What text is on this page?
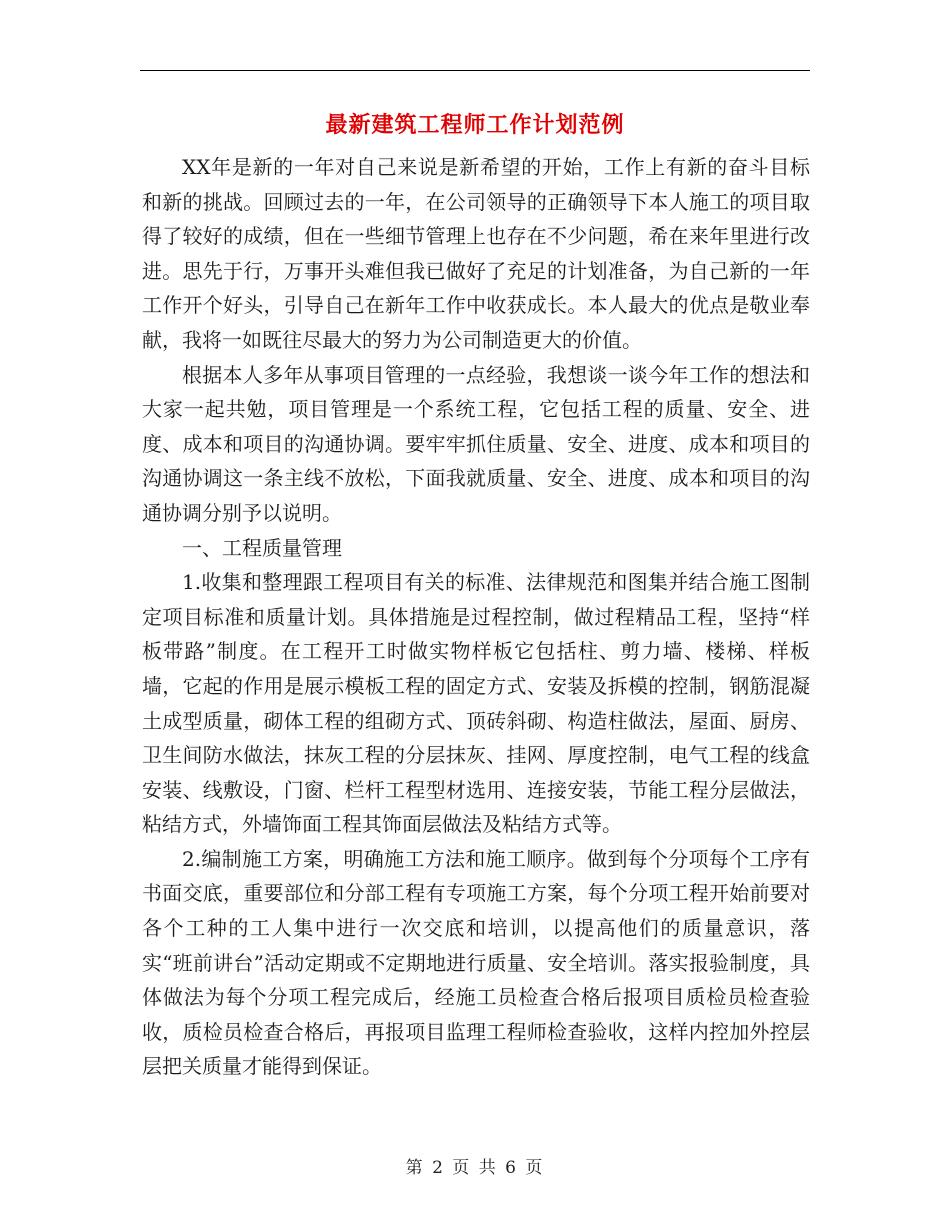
最新建筑工程师工作计划范例

XX年是新的一年对自己来说是新希望的开始，工作上有新的奋斗目标和新的挑战。回顾过去的一年，在公司领导的正确领导下本人施工的项目取得了较好的成绩，但在一些细节管理上也存在不少问题，希在来年里进行改进。思先于行，万事开头难但我已做好了充足的计划准备，为自己新的一年工作开个好头，引导自己在新年工作中收获成长。本人最大的优点是敬业奉献，我将一如既往尽最大的努力为公司制造更大的价值。

根据本人多年从事项目管理的一点经验，我想谈一谈今年工作的想法和大家一起共勉，项目管理是一个系统工程，它包括工程的质量、安全、进度、成本和项目的沟通协调。要牢牢抓住质量、安全、进度、成本和项目的沟通协调这一条主线不放松，下面我就质量、安全、进度、成本和项目的沟通协调分别予以说明。

一、工程质量管理

1.收集和整理跟工程项目有关的标准、法律规范和图集并结合施工图制定项目标准和质量计划。具体措施是过程控制，做过程精品工程，坚持“样板带路”制度。在工程开工时做实物样板它包括柱、剪力墙、楼梯、样板墙，它起的作用是展示模板工程的固定方式、安装及拆模的控制，钢筋混凝土成型质量，砌体工程的组砌方式、顶砖斜砌、构造柱做法，屋面、厨房、卫生间防水做法，抹灰工程的分层抹灰、挂网、厚度控制，电气工程的线盒安装、线敷设，门窗、栏杆工程型材选用、连接安装，节能工程分层做法，粘结方式，外墙饰面工程其饰面层做法及粘结方式等。

2.编制施工方案，明确施工方法和施工顺序。做到每个分项每个工序有书面交底，重要部位和分部工程有专项施工方案，每个分项工程开始前要对各个工种的工人集中进行一次交底和培训，以提高他们的质量意识，落实“班前讲台”活动定期或不定期地进行质量、安全培训。落实报验制度，具体做法为每个分项工程完成后，经施工员检查合格后报项目质检员检查验收，质检员检查合格后，再报项目监理工程师检查验收，这样内控加外控层层把关质量才能得到保证。

第 2 页 共 6 页
